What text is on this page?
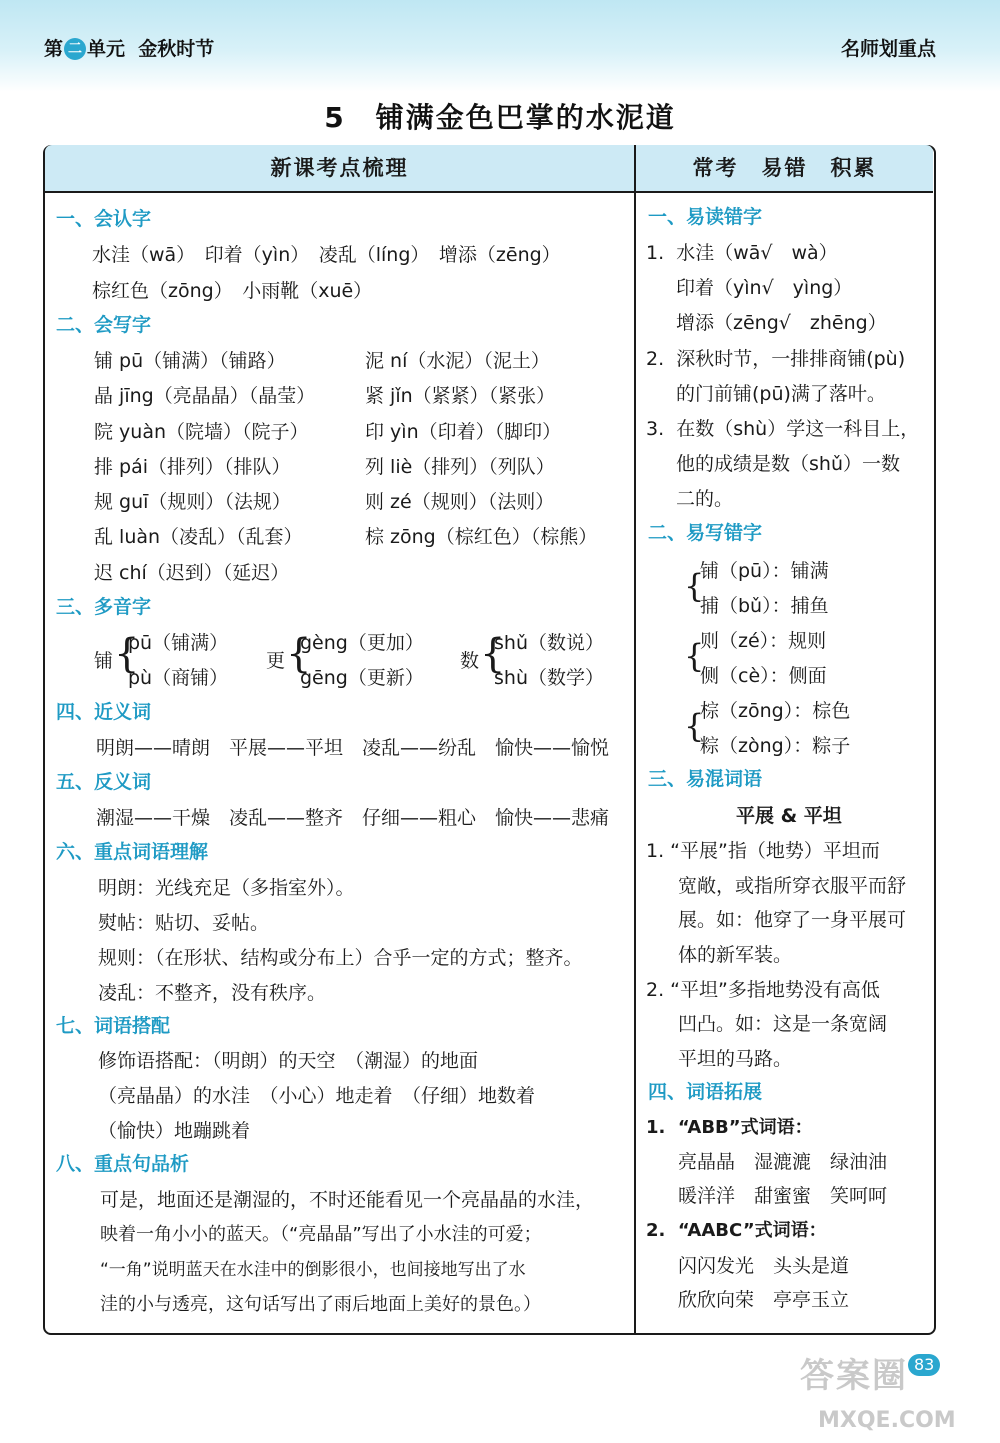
第 二 单元  金秋时节	名师划重点
5 铺满金色巴掌的水泥道
新课考点梳理	常考　易错　积累
一、会认字
水洼（wā）　印着（yìn）　凌乱（líng）　增添（zēng）
棕红色（zōng）　小雨靴（xuē）
二、会写字
铺 pū（铺满）（铺路）
晶 jīng（亮晶晶）（晶莹）
院 yuàn（院墙）（院子）
排 pái（排列）（排队）
规 guī（规则）（法规）
乱 luàn（凌乱）（乱套）
迟 chí（迟到）（延迟）
泥 ní（水泥）（泥土）
紧 jǐn（紧紧）（紧张）
印 yìn（印着）（脚印）
列 liè（排列）（列队）
则 zé（规则）（法则）
棕 zōng（棕红色）（棕熊）
三、多音字
铺 {
pū（铺满）
pù（商铺）
更 {
gèng（更加）
gēng（更新）
数 {
shǔ（数说）
shù（数学）
四、近义词
明朗——晴朗　平展——平坦　凌乱——纷乱　愉快——愉悦
五、反义词
潮湿——干燥　凌乱——整齐　仔细——粗心　愉快——悲痛
六、重点词语理解
明朗：光线充足（多指室外）。
熨帖：贴切、妥帖。
规则：（在形状、结构或分布上）合乎一定的方式；整齐。
凌乱：不整齐，没有秩序。
七、词语搭配
修饰语搭配：（明朗）的天空　（潮湿）的地面
（亮晶晶）的水洼　（小心）地走着　（仔细）地数着
（愉快）地蹦跳着
八、重点句品析
可是，地面还是潮湿的，不时还能看见一个亮晶晶的水洼，
映着一角小小的蓝天。（“亮晶晶”写出了小水洼的可爱；
“一角”说明蓝天在水洼中的倒影很小，也间接地写出了水
洼的小与透亮，这句话写出了雨后地面上美好的景色。）
一、易读错字
1.  水洼（wā√　wà）
印着（yìn√　yìng）
增添（zēng√　zhēng）
2.  深秋时节，一排排商铺(pù)
的门前铺(pū)满了落叶。
3.  在数（shù）学这一科目上，
他的成绩是数（shǔ）一数
二的。
二、易写错字
{
铺（pū）：铺满
捕（bǔ）：捕鱼
{
则（zé）：规则
侧（cè）：侧面
{
棕（zōng）：棕色
粽（zòng）：粽子
三、易混词语
平展 & 平坦
1. “平展”指（地势）平坦而
宽敞，或指所穿衣服平而舒
展。如：他穿了一身平展可
体的新军装。
2. “平坦”多指地势没有高低
凹凸。如：这是一条宽阔
平坦的马路。
四、词语拓展
1.  “ABB”式词语：
亮晶晶　湿漉漉　绿油油
暖洋洋　甜蜜蜜　笑呵呵
2.  “AABC”式词语：
闪闪发光　头头是道
欣欣向荣　亭亭玉立
答案圈 83
MXQE.COM
